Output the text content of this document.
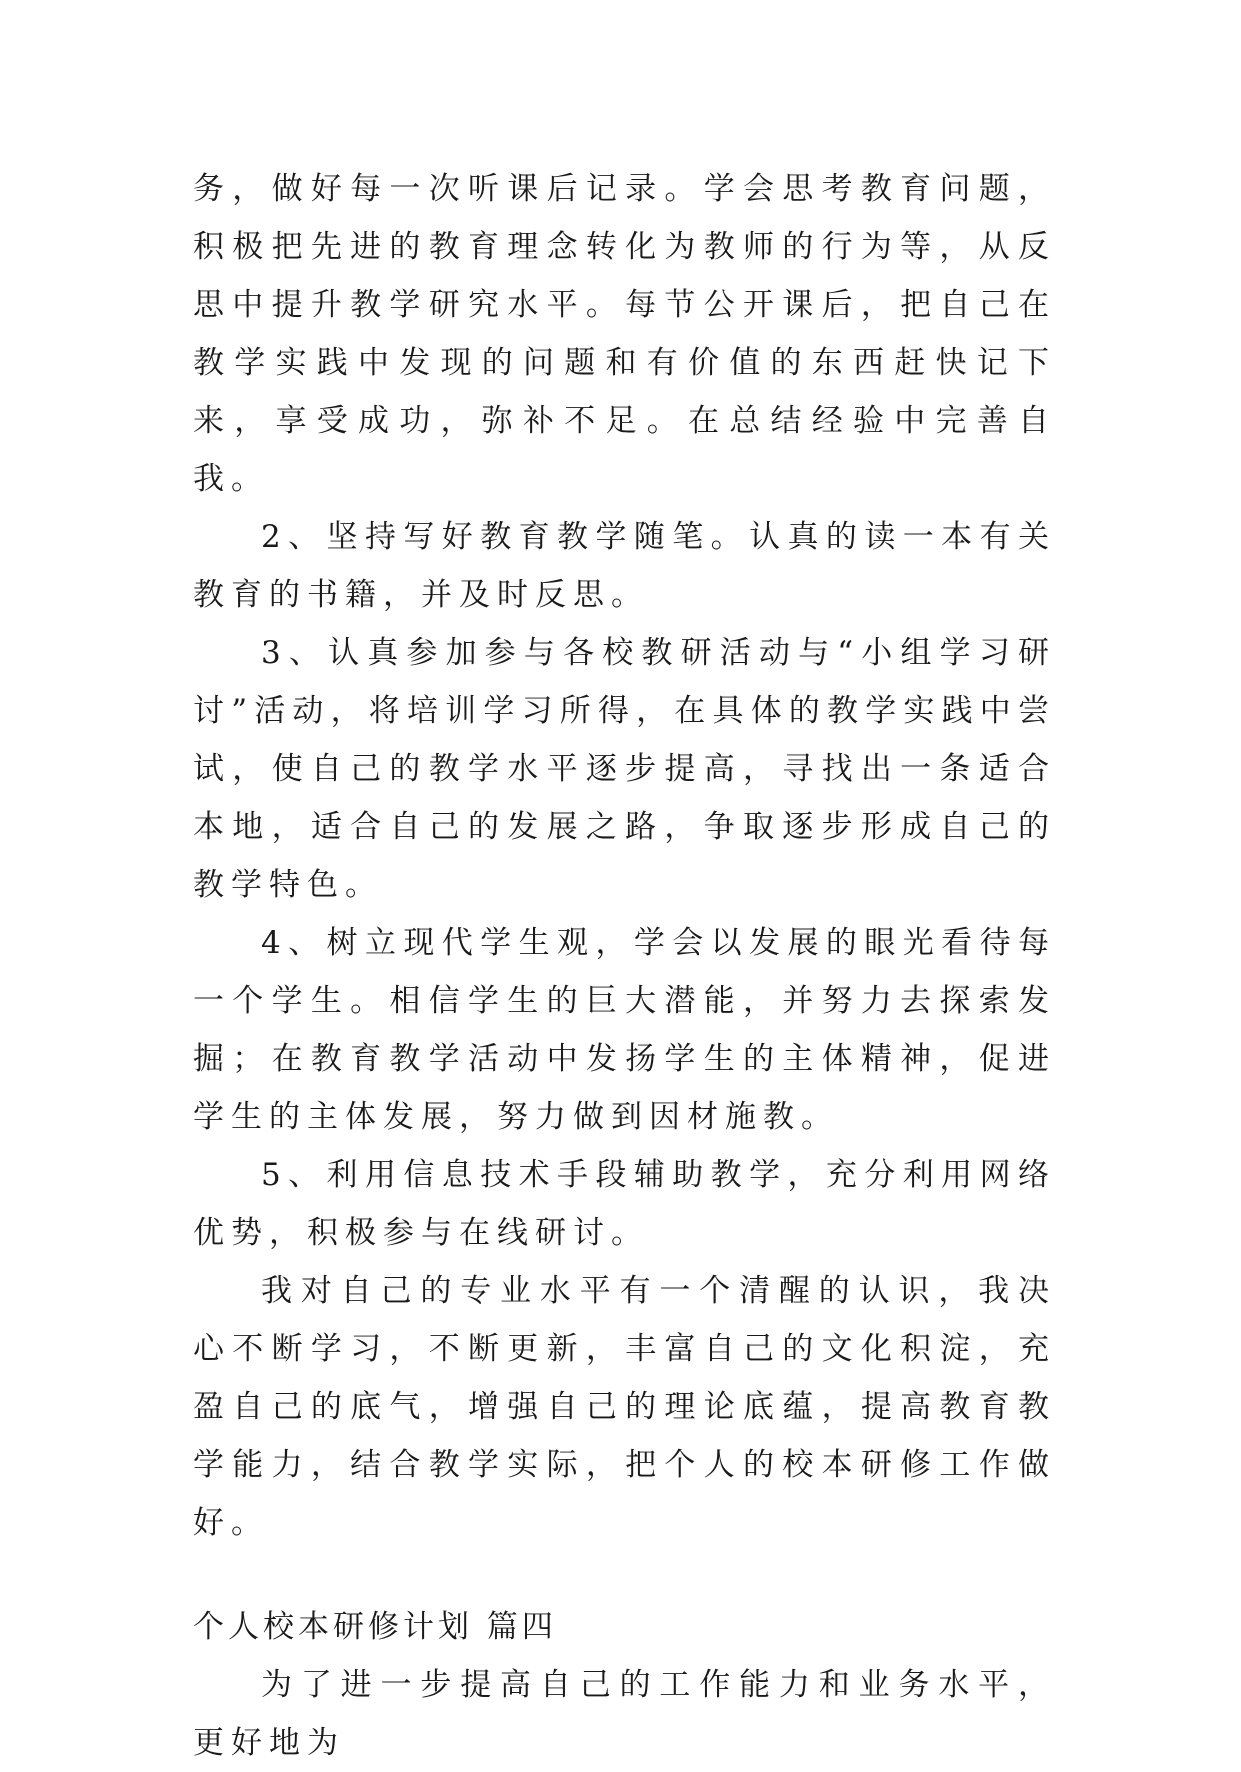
务，做好每一次听课后记录。学会思考教育问题，积极把先进的教育理念转化为教师的行为等，从反思中提升教学研究水平。每节公开课后，把自己在教学实践中发现的问题和有价值的东西赶快记下来，享受成功，弥补不足。在总结经验中完善自我。

2、坚持写好教育教学随笔。认真的读一本有关教育的书籍，并及时反思。

3、认真参加参与各校教研活动与“小组学习研讨”活动，将培训学习所得，在具体的教学实践中尝试，使自己的教学水平逐步提高，寻找出一条适合本地，适合自己的发展之路，争取逐步形成自己的教学特色。

4、树立现代学生观，学会以发展的眼光看待每一个学生。相信学生的巨大潜能，并努力去探索发掘；在教育教学活动中发扬学生的主体精神，促进学生的主体发展，努力做到因材施教。

5、利用信息技术手段辅助教学，充分利用网络优势，积极参与在线研讨。

我对自己的专业水平有一个清醒的认识，我决心不断学习，不断更新，丰富自己的文化积淀，充盈自己的底气，增强自己的理论底蕴，提高教育教学能力，结合教学实际，把个人的校本研修工作做好。

个人校本研修计划 篇四

为了进一步提高自己的工作能力和业务水平，更好地为
